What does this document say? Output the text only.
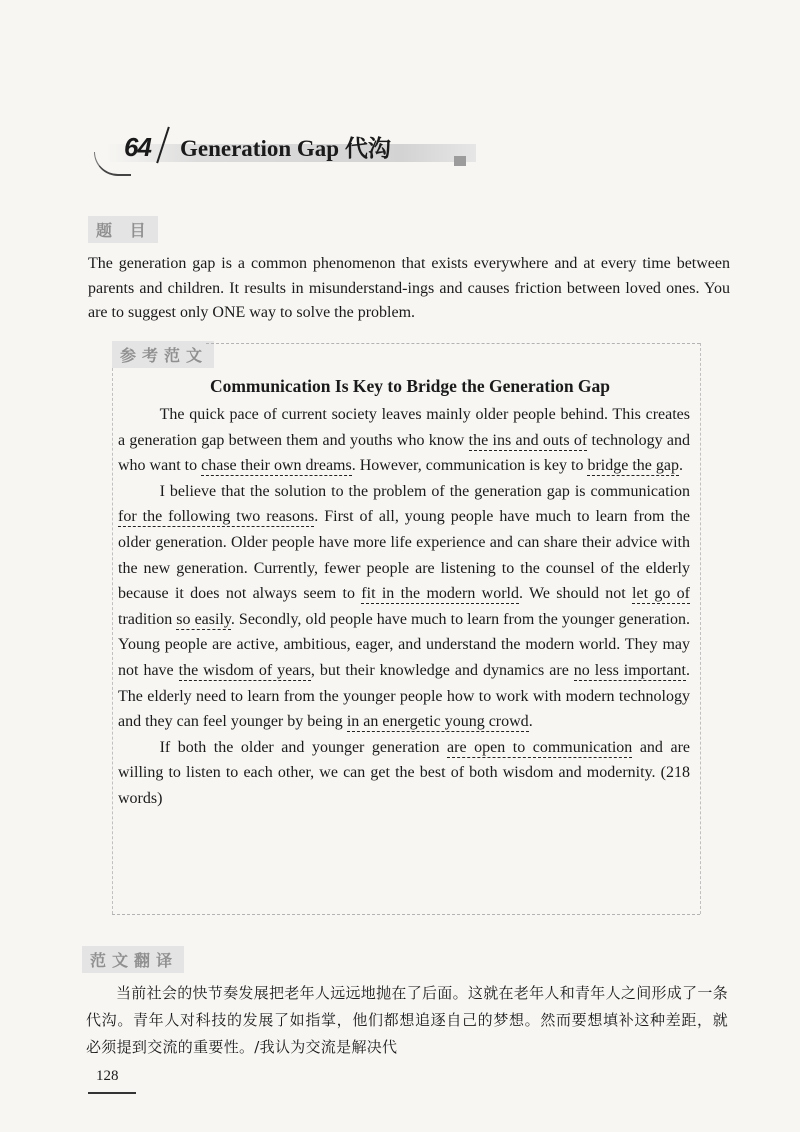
64 Generation Gap 代沟
题 目
The generation gap is a common phenomenon that exists everywhere and at every time between parents and children. It results in misunderstand-ings and causes friction between loved ones. You are to suggest only ONE way to solve the problem.
参考范文
Communication Is Key to Bridge the Generation Gap

The quick pace of current society leaves mainly older people behind. This creates a generation gap between them and youths who know the ins and outs of technology and who want to chase their own dreams. However, communication is key to bridge the gap.

I believe that the solution to the problem of the generation gap is communication for the following two reasons. First of all, young people have much to learn from the older generation. Older people have more life experience and can share their advice with the new generation. Currently, fewer people are listening to the counsel of the elderly because it does not always seem to fit in the modern world. We should not let go of tradition so easily. Secondly, old people have much to learn from the younger generation. Young people are active, ambitious, eager, and understand the modern world. They may not have the wisdom of years, but their knowledge and dynamics are no less important. The elderly need to learn from the younger people how to work with modern technology and they can feel younger by being in an energetic young crowd.

If both the older and younger generation are open to communication and are willing to listen to each other, we can get the best of both wisdom and modernity. (218 words)

范文翻译
当前社会的快节奏发展把老年人远远地抛在了后面。这就在老年人和青年人之间形成了一条代沟。青年人对科技的发展了如指掌，他们都想追逐自己的梦想。然而要想填补这种差距，就必须提到交流的重要性。/我认为交流是解决代
128
